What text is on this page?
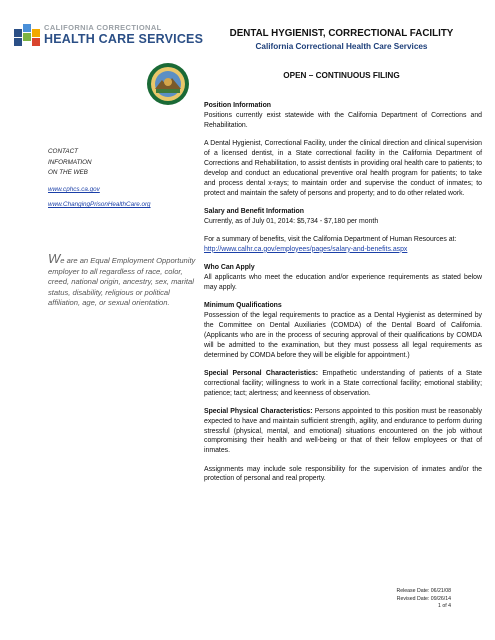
CALIFORNIA CORRECTIONAL
HEALTH CARE SERVICES	DENTAL HYGIENIST, CORRECTIONAL FACILITY
California Correctional Health Care Services
OPEN – CONTINUOUS FILING
CONTACT
INFORMATION
ON THE WEB
www.cphcs.ca.gov
www.ChangingPrisonHealthCare.org
We are an Equal Employment Opportunity employer to all regardless of race, color, creed, national origin, ancestry, sex, marital status, disability, religious or political affiliation, age, or sexual orientation.

Position Information

Positions currently exist statewide with the California Department of Corrections and Rehabilitation.

A Dental Hygienist, Correctional Facility, under the clinical direction and clinical supervision of a licensed dentist, in a State correctional facility in the California Department of Corrections and Rehabilitation, to assist dentists in providing oral health care to patients; to develop and conduct an educational preventive oral health program for patients; to take and process dental x-rays; to maintain order and supervise the conduct of inmates; to protect and maintain the safety of persons and property; and to do other related work.

Salary and Benefit Information

Currently, as of July 01, 2014: $5,734 - $7,180 per month

For a summary of benefits, visit the California Department of Human Resources at:

http://www.calhr.ca.gov/employees/pages/salary-and-benefits.aspx

Who Can Apply

All applicants who meet the education and/or experience requirements as stated below may apply.

Minimum Qualifications

Possession of the legal requirements to practice as a Dental Hygienist as determined by the Committee on Dental Auxiliaries (COMDA) of the Dental Board of California. (Applicants who are in the process of securing approval of their qualifications by COMDA will be admitted to the examination, but they must possess all legal requirements as determined by COMDA before they will be eligible for appointment.)

Special Personal Characteristics: Empathetic understanding of patients of a State correctional facility; willingness to work in a State correctional facility; emotional stability; patience; tact; alertness; and keenness of observation.

Special Physical Characteristics: Persons appointed to this position must be reasonably expected to have and maintain sufficient strength, agility, and endurance to perform during stressful (physical, mental, and emotional) situations encountered on the job without compromising their health and well-being or that of their fellow employees or that of inmates.

Assignments may include sole responsibility for the supervision of inmates and/or the protection of personal and real property.

Release Date: 06/21/08
Revised Date: 09/26/14
1 of 4
